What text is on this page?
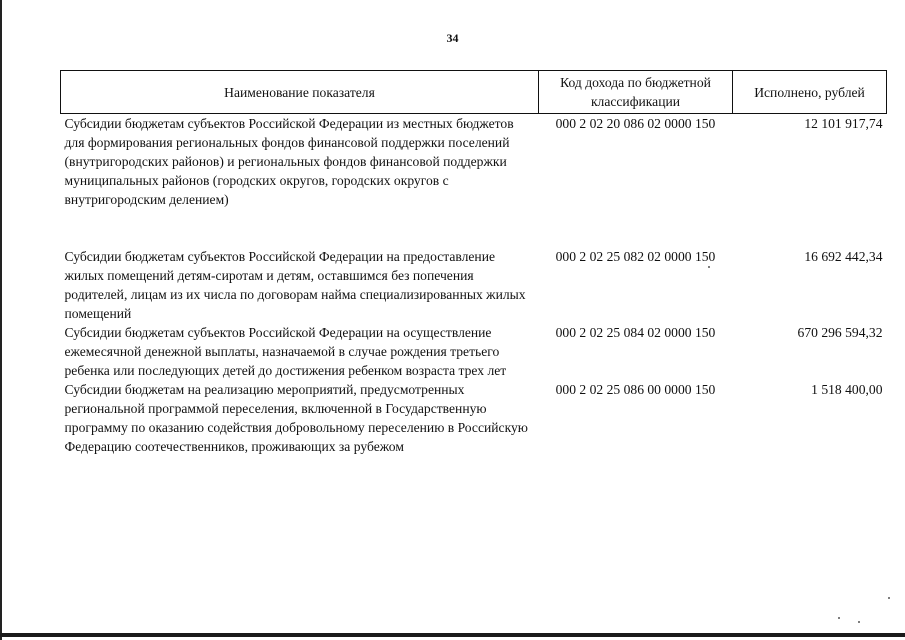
34
Наименование показателя	Код дохода по бюджетной классификации	Исполнено, рублей
Субсидии бюджетам субъектов Российской Федерации из местных бюджетов для формирования региональных фондов финансовой поддержки поселений (внутригородских районов) и региональных фондов финансовой поддержки муниципальных районов (городских округов, городских округов с внутригородским делением)	000 2 02 20 086 02 0000 150	12 101 917,74
Субсидии бюджетам субъектов Российской Федерации на предоставление жилых помещений детям-сиротам и детям, оставшимся без попечения родителей, лицам из их числа по договорам найма специализированных жилых помещений	000 2 02 25 082 02 0000 150	16 692 442,34
Субсидии бюджетам субъектов Российской Федерации на осуществление ежемесячной денежной выплаты, назначаемой в случае рождения третьего ребенка или последующих детей до достижения ребенком возраста трех лет	000 2 02 25 084 02 0000 150	670 296 594,32
Субсидии бюджетам на реализацию мероприятий, предусмотренных региональной программой переселения, включенной в Государственную программу по оказанию содействия добровольному переселению в Российскую Федерацию соотечественников, проживающих за рубежом	000 2 02 25 086 00 0000 150	1 518 400,00
